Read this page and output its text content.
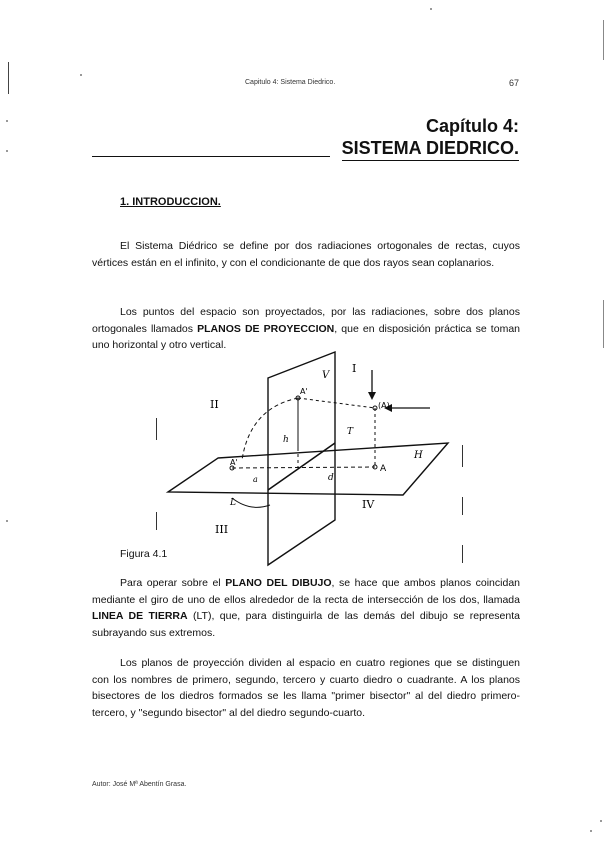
Capitulo 4: Sistema Diedrico.	67
Capítulo 4:
SISTEMA DIEDRICO.
1. INTRODUCCION.
El Sistema Diédrico se define por dos radiaciones ortogonales de rectas, cuyos vértices están en el infinito, y con el condicionante de que dos rayos sean coplanarios.
Los puntos del espacio son proyectados, por las radiaciones, sobre dos planos ortogonales llamados PLANOS DE PROYECCION, que en disposición práctica se toman uno horizontal y otro vertical.
I
II
III
IV
V
H
T
L
A
A'
A'
(A)
h
a	d
Figura 4.1
Para operar sobre el PLANO DEL DIBUJO, se hace que ambos planos coincidan mediante el giro de uno de ellos alrededor de la recta de intersección de los dos, llamada LINEA DE TIERRA (LT), que, para distinguirla de las demás del dibujo se representa subrayando sus extremos.
Los planos de proyección dividen al espacio en cuatro regiones que se distinguen con los nombres de primero, segundo, tercero y cuarto diedro o cuadrante. A los planos bisectores de los diedros formados se les llama "primer bisector" al del diedro primero-tercero, y "segundo bisector" al del diedro segundo-cuarto.
Autor: José Mª Abentín Grasa.
